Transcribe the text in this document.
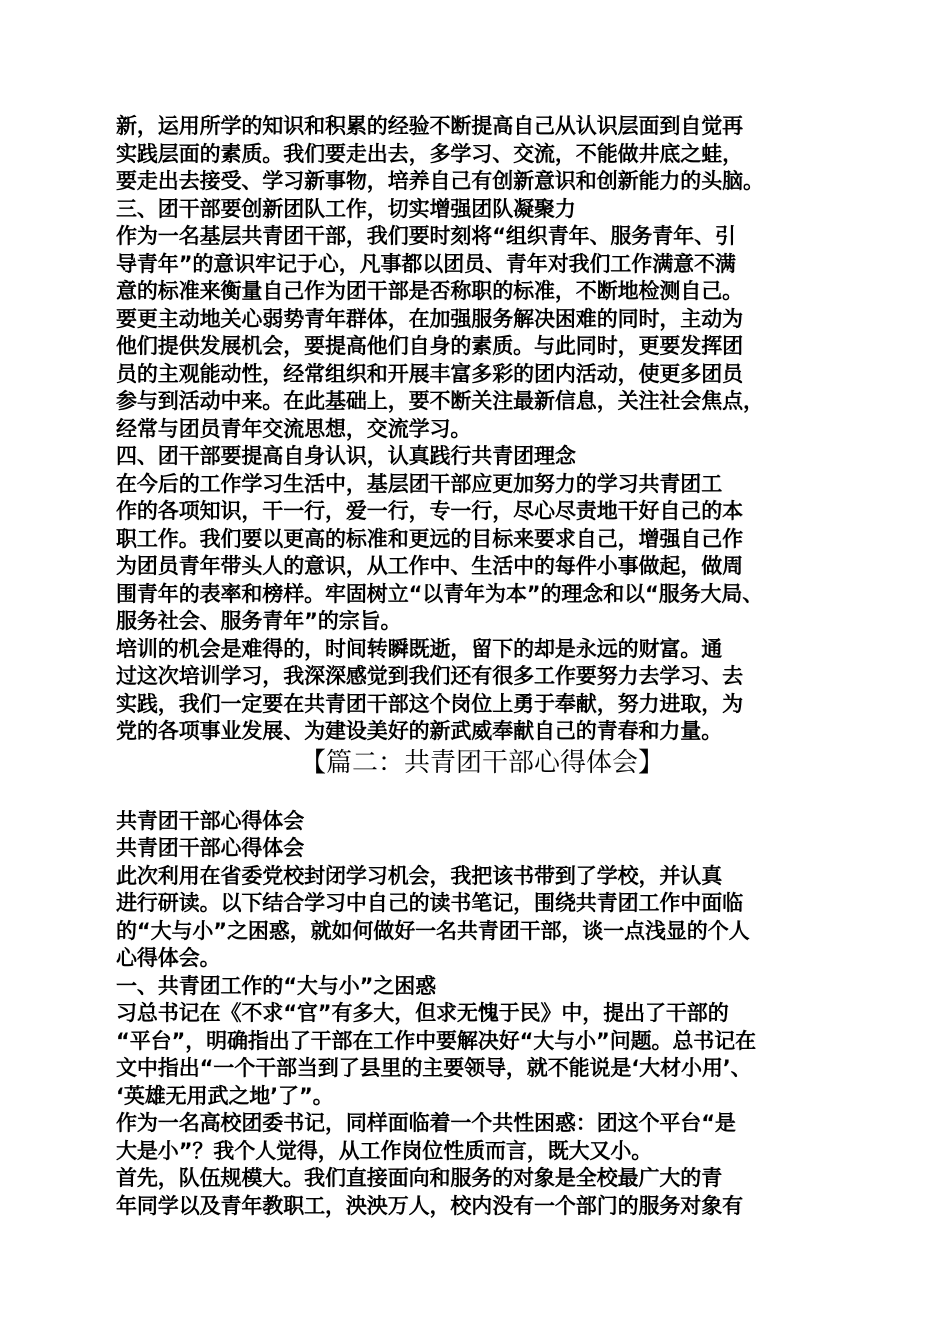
新，运用所学的知识和积累的经验不断提高自己从认识层面到自觉再
实践层面的素质。我们要走出去，多学习、交流，不能做井底之蛙，
要走出去接受、学习新事物，培养自己有创新意识和创新能力的头脑。
三、团干部要创新团队工作，切实增强团队凝聚力
作为一名基层共青团干部，我们要时刻将“组织青年、服务青年、引
导青年”的意识牢记于心，凡事都以团员、青年对我们工作满意不满
意的标准来衡量自己作为团干部是否称职的标准，不断地检测自己。
要更主动地关心弱势青年群体，在加强服务解决困难的同时，主动为
他们提供发展机会，要提高他们自身的素质。与此同时，更要发挥团
员的主观能动性，经常组织和开展丰富多彩的团内活动，使更多团员
参与到活动中来。在此基础上，要不断关注最新信息，关注社会焦点，
经常与团员青年交流思想，交流学习。
四、团干部要提高自身认识，认真践行共青团理念
在今后的工作学习生活中，基层团干部应更加努力的学习共青团工
作的各项知识，干一行，爱一行，专一行，尽心尽责地干好自己的本
职工作。我们要以更高的标准和更远的目标来要求自己，增强自己作
为团员青年带头人的意识，从工作中、生活中的每件小事做起，做周
围青年的表率和榜样。牢固树立“以青年为本”的理念和以“服务大局、
服务社会、服务青年”的宗旨。
培训的机会是难得的，时间转瞬既逝，留下的却是永远的财富。通
过这次培训学习，我深深感觉到我们还有很多工作要努力去学习、去
实践，我们一定要在共青团干部这个岗位上勇于奉献，努力进取，为
党的各项事业发展、为建设美好的新武威奉献自己的青春和力量。
【篇二：共青团干部心得体会】
共青团干部心得体会
共青团干部心得体会
此次利用在省委党校封闭学习机会，我把该书带到了学校，并认真
进行研读。以下结合学习中自己的读书笔记，围绕共青团工作中面临
的“大与小”之困惑，就如何做好一名共青团干部，谈一点浅显的个人
心得体会。
一、共青团工作的“大与小”之困惑
习总书记在《不求“官”有多大，但求无愧于民》中，提出了干部的
“平台”，明确指出了干部在工作中要解决好“大与小”问题。总书记在
文中指出“一个干部当到了县里的主要领导，就不能说是‘大材小用’、
‘英雄无用武之地’了”。
作为一名高校团委书记，同样面临着一个共性困惑：团这个平台“是
大是小”？我个人觉得，从工作岗位性质而言，既大又小。
首先，队伍规模大。我们直接面向和服务的对象是全校最广大的青
年同学以及青年教职工，泱泱万人，校内没有一个部门的服务对象有
